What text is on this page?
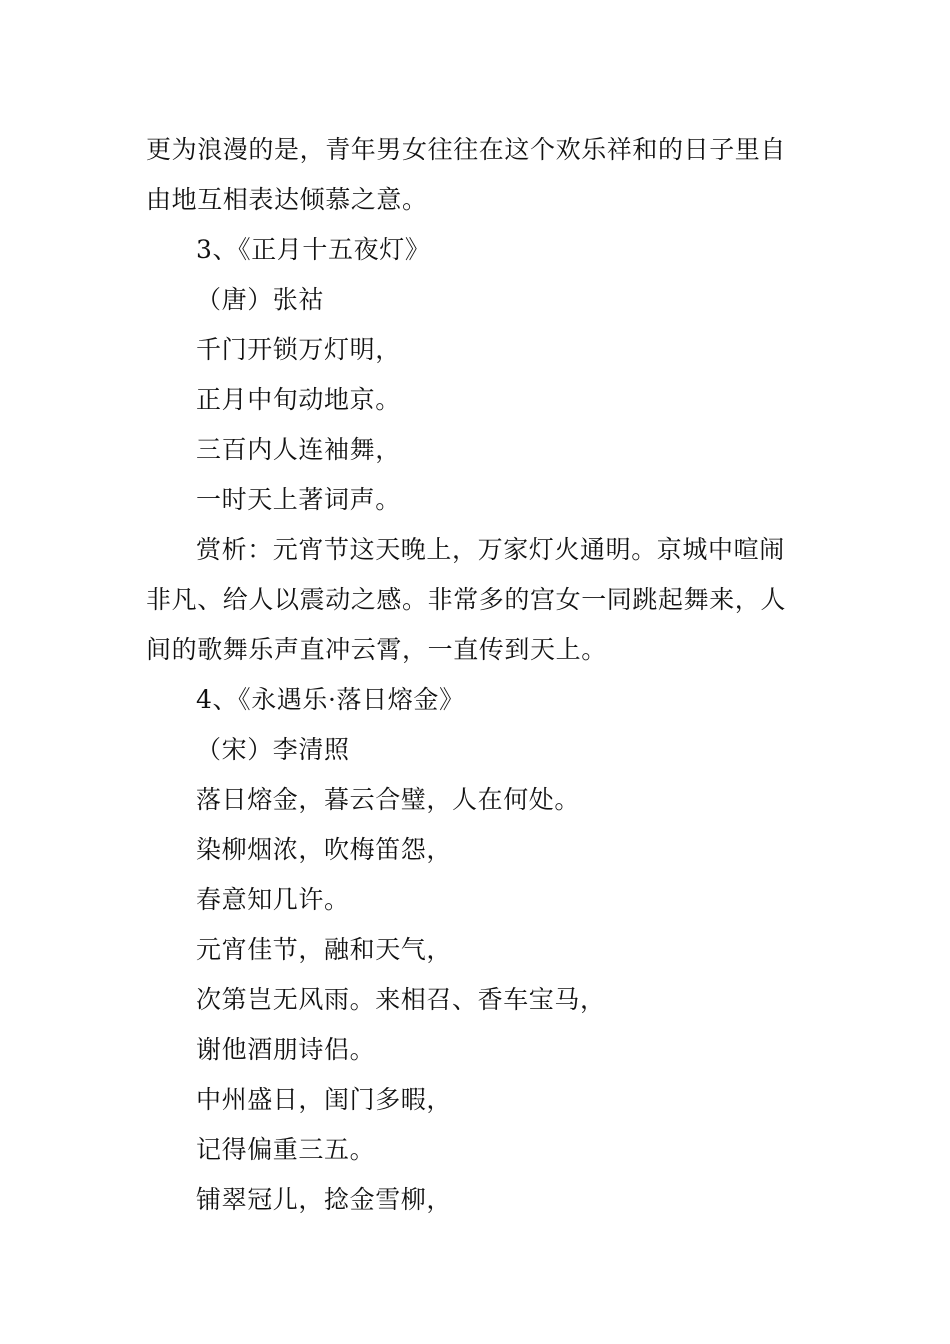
更为浪漫的是，青年男女往往在这个欢乐祥和的日子里自
由地互相表达倾慕之意。
3、《正月十五夜灯》
（唐）张祜
千门开锁万灯明，
正月中旬动地京。
三百内人连袖舞，
一时天上著词声。
赏析：元宵节这天晚上，万家灯火通明。京城中喧闹
非凡、给人以震动之感。非常多的宫女一同跳起舞来，人
间的歌舞乐声直冲云霄，一直传到天上。
4、《永遇乐·落日熔金》
（宋）李清照
落日熔金，暮云合璧，人在何处。
染柳烟浓，吹梅笛怨，
春意知几许。
元宵佳节，融和天气，
次第岂无风雨。来相召、香车宝马，
谢他酒朋诗侣。
中州盛日，闺门多暇，
记得偏重三五。
铺翠冠儿，捻金雪柳，
